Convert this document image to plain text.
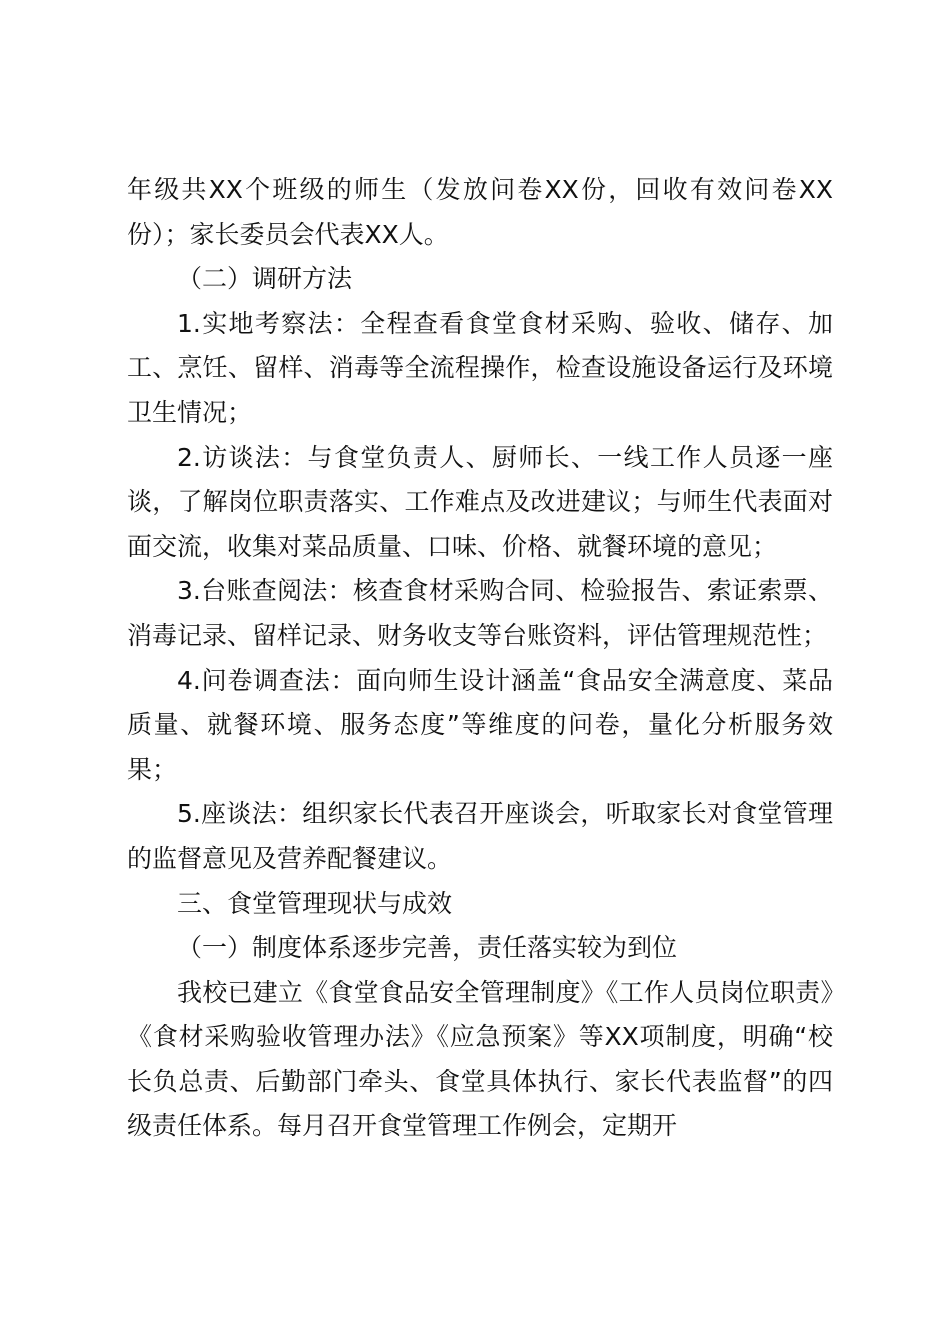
年级共XX个班级的师生（发放问卷XX份，回收有效问卷XX份）；家长委员会代表XX人。

（二）调研方法

1.实地考察法：全程查看食堂食材采购、验收、储存、加工、烹饪、留样、消毒等全流程操作，检查设施设备运行及环境卫生情况；

2.访谈法：与食堂负责人、厨师长、一线工作人员逐一座谈，了解岗位职责落实、工作难点及改进建议；与师生代表面对面交流，收集对菜品质量、口味、价格、就餐环境的意见；

3.台账查阅法：核查食材采购合同、检验报告、索证索票、消毒记录、留样记录、财务收支等台账资料，评估管理规范性；

4.问卷调查法：面向师生设计涵盖“食品安全满意度、菜品质量、就餐环境、服务态度”等维度的问卷，量化分析服务效果；

5.座谈法：组织家长代表召开座谈会，听取家长对食堂管理的监督意见及营养配餐建议。

三、食堂管理现状与成效

（一）制度体系逐步完善，责任落实较为到位

我校已建立《食堂食品安全管理制度》《工作人员岗位职责》《食材采购验收管理办法》《应急预案》等XX项制度，明确“校长负总责、后勤部门牵头、食堂具体执行、家长代表监督”的四级责任体系。每月召开食堂管理工作例会，定期开
